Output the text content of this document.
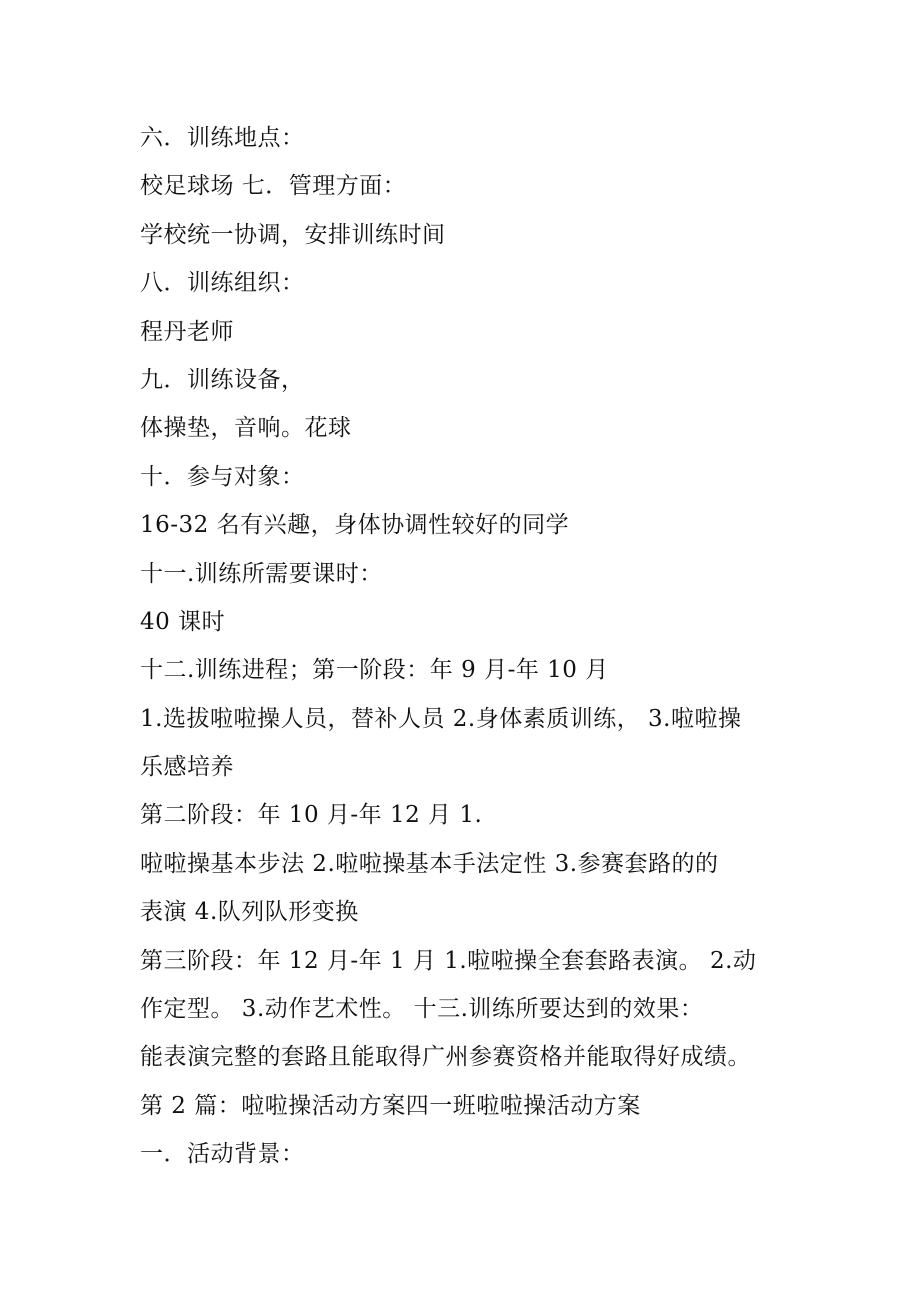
六．训练地点：
校足球场 七．管理方面：
学校统一协调，安排训练时间
八．训练组织：
程丹老师
九．训练设备，
体操垫，音响。花球
十．参与对象：
16-32 名有兴趣，身体协调性较好的同学
十一.训练所需要课时：
40 课时
十二.训练进程；第一阶段：年 9 月-年 10 月
1.选拔啦啦操人员，替补人员 2.身体素质训练， 3.啦啦操
乐感培养
第二阶段：年 10 月-年 12 月 1.
啦啦操基本步法 2.啦啦操基本手法定性 3.参赛套路的的
表演 4.队列队形变换
第三阶段：年 12 月-年 1 月 1.啦啦操全套套路表演。 2.动
作定型。 3.动作艺术性。 十三.训练所要达到的效果：
能表演完整的套路且能取得广州参赛资格并能取得好成绩。
第 2 篇：啦啦操活动方案四一班啦啦操活动方案
一．活动背景：
